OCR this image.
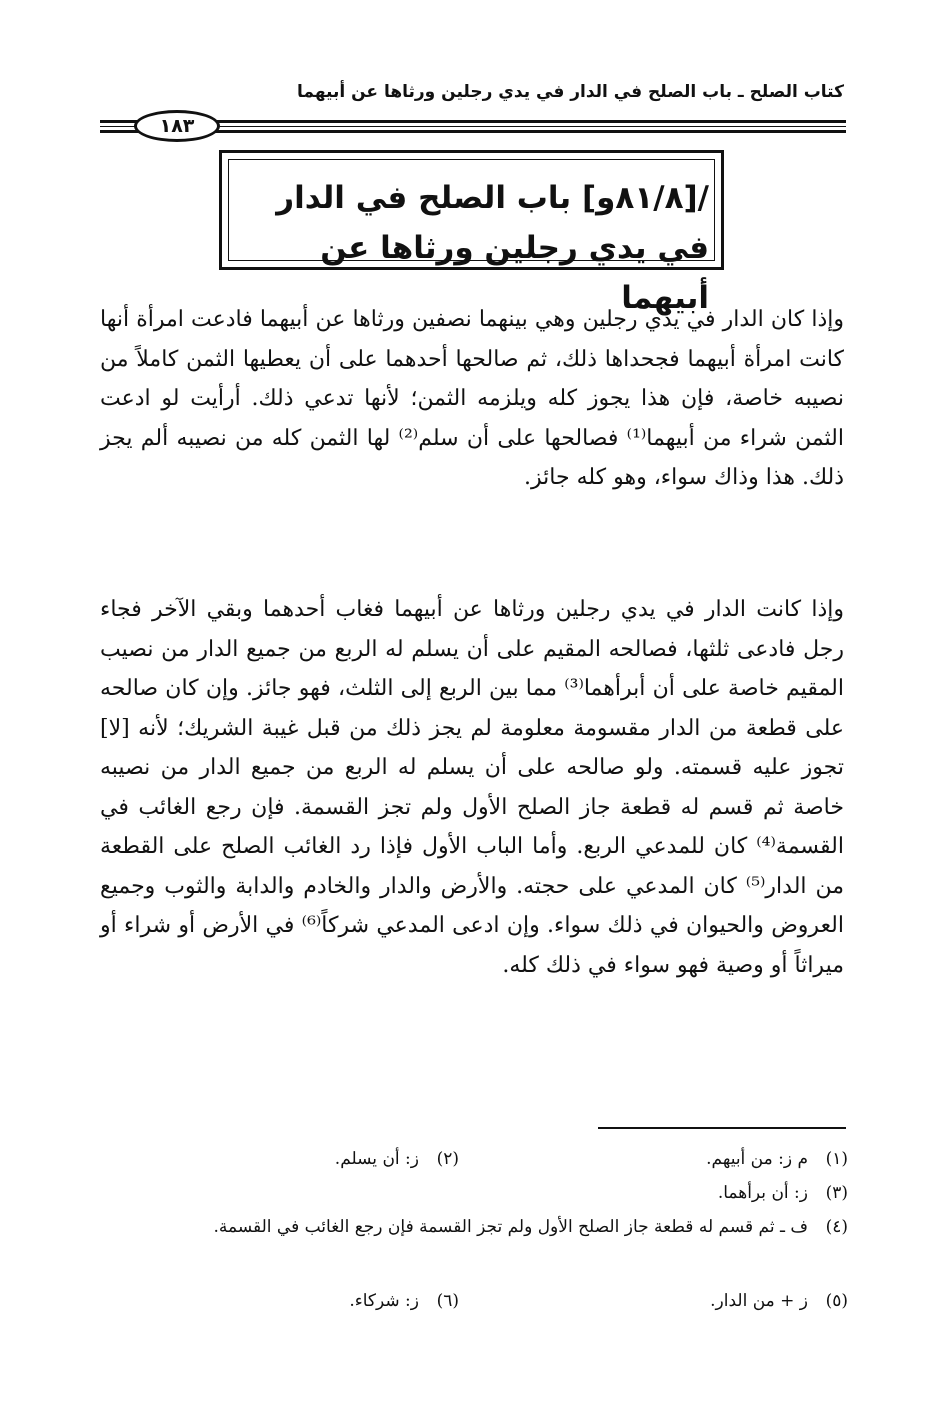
كتاب الصلح ـ باب الصلح في الدار في يدي رجلين ورثاها عن أبيهما
١٨٣
/[٨١/٨و] باب الصلح في الدار في يدي رجلين ورثاها عن أبيهما
وإذا كان الدار في يدي رجلين وهي بينهما نصفين ورثاها عن أبيهما فادعت امرأة أنها كانت امرأة أبيهما فجحداها ذلك، ثم صالحها أحدهما على أن يعطيها الثمن كاملاً من نصيبه خاصة، فإن هذا يجوز كله ويلزمه الثمن؛ لأنها تدعي ذلك. أرأيت لو ادعت الثمن شراء من أبيهما⁽¹⁾ فصالحها على أن سلم⁽²⁾ لها الثمن كله من نصيبه ألم يجز ذلك. هذا وذاك سواء، وهو كله جائز.
وإذا كانت الدار في يدي رجلين ورثاها عن أبيهما فغاب أحدهما وبقي الآخر فجاء رجل فادعى ثلثها، فصالحه المقيم على أن يسلم له الربع من جميع الدار من نصيب المقيم خاصة على أن أبرأهما⁽³⁾ مما بين الربع إلى الثلث، فهو جائز. وإن كان صالحه على قطعة من الدار مقسومة معلومة لم يجز ذلك من قبل غيبة الشريك؛ لأنه [لا] تجوز عليه قسمته. ولو صالحه على أن يسلم له الربع من جميع الدار من نصيبه خاصة ثم قسم له قطعة جاز الصلح الأول ولم تجز القسمة. فإن رجع الغائب في القسمة⁽⁴⁾ كان للمدعي الربع. وأما الباب الأول فإذا رد الغائب الصلح على القطعة من الدار⁽⁵⁾ كان المدعي على حجته. والأرض والدار والخادم والدابة والثوب وجميع العروض والحيوان في ذلك سواء. وإن ادعى المدعي شركاً⁽⁶⁾ في الأرض أو شراء أو ميراثاً أو وصية فهو سواء في ذلك كله.
(١)م ز: من أبيهم.
(٢)ز: أن يسلم.
(٣)ز: أن برأهما.
(٤)
ف ـ ثم قسم له قطعة جاز الصلح الأول ولم تجز القسمة فإن رجع الغائب في القسمة.
(٥)ز + من الدار.
(٦)ز: شركاء.
